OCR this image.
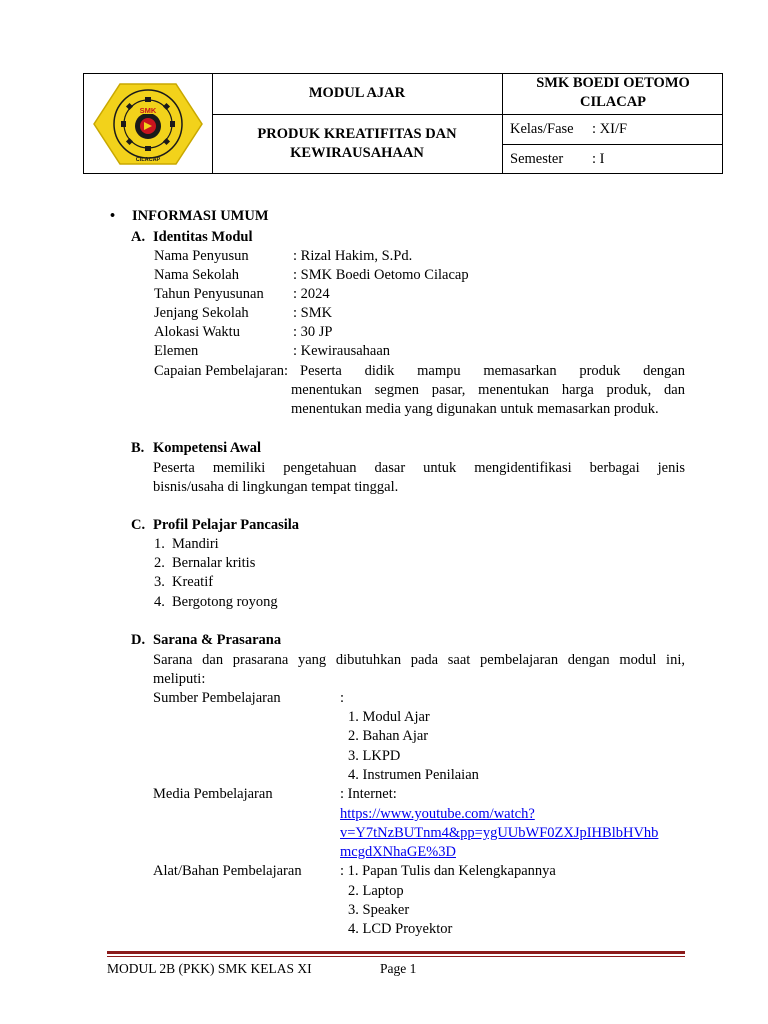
SMK
CILACAP
MODUL AJAR
SMK BOEDI OETOMO
CILACAP
PRODUK KREATIFITAS DAN
KEWIRAUSAHAAN
Kelas/Fase : XI/F
Semester : I
• INFORMASI UMUM
A. Identitas Modul
Nama Penyusun	: Rizal Hakim, S.Pd.
Nama Sekolah	: SMK Boedi Oetomo Cilacap
Tahun Penyusunan : 2024
Jenjang Sekolah	: SMK
Alokasi Waktu	: 30 JP
Elemen	: Kewirausahaan
Capaian Pembelajaran: Peserta didik mampu memasarkan produk dengan
menentukan segmen pasar, menentukan harga produk, dan
menentukan media yang digunakan untuk memasarkan produk.
B. Kompetensi Awal
Peserta memiliki pengetahuan dasar untuk mengidentifikasi berbagai jenis
bisnis/usaha di lingkungan tempat tinggal.
C. Profil Pelajar Pancasila
1. Mandiri
2. Bernalar kritis
3. Kreatif
4. Bergotong royong
D. Sarana & Prasarana
Sarana dan prasarana yang dibutuhkan pada saat pembelajaran dengan modul ini,
meliputi:
Sumber Pembelajaran	:
1. Modul Ajar
2. Bahan Ajar
3. LKPD
4. Instrumen Penilaian
Media Pembelajaran	: Internet:
https://www.youtube.com/watch?
v=Y7tNzBUTnm4&pp=ygUUbWF0ZXJpIHBlbHVhb
mcgdXNhaGE%3D
Alat/Bahan Pembelajaran	: 1. Papan Tulis dan Kelengkapannya
2. Laptop
3. Speaker
4. LCD Proyektor
MODUL 2B (PKK) SMK KELAS XI	Page 1
